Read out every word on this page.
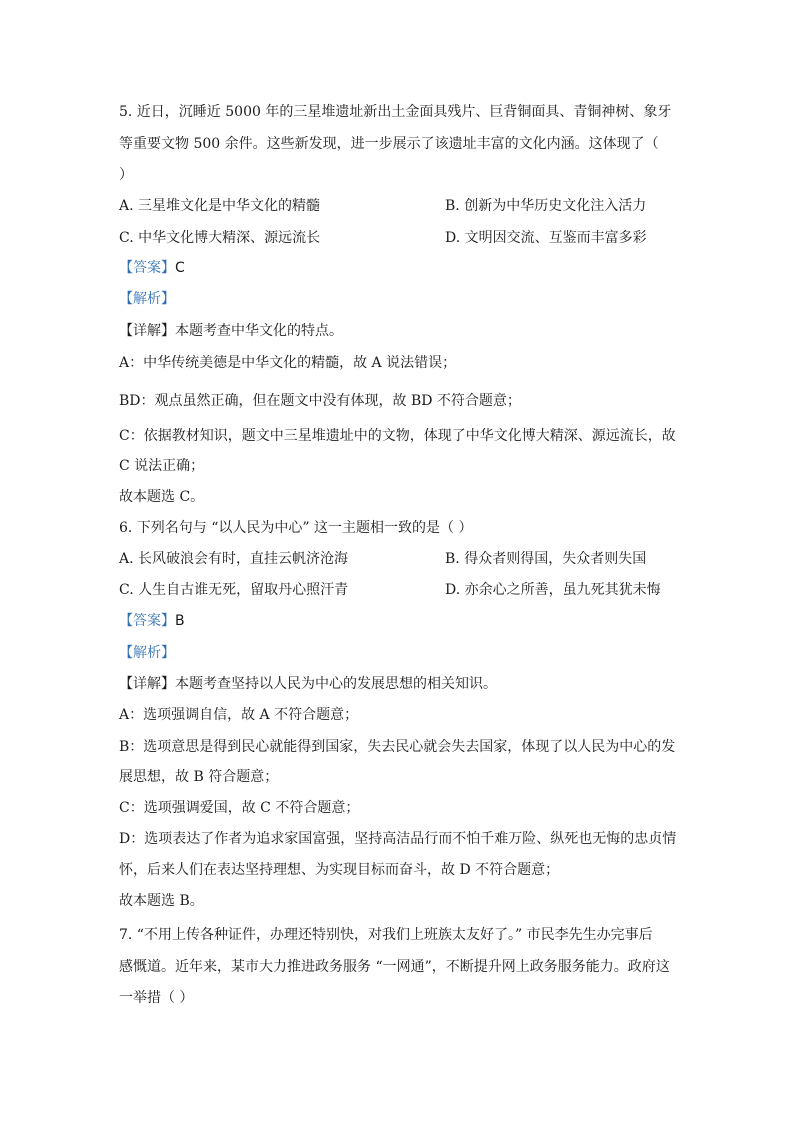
5. 近日，沉睡近 5000 年的三星堆遗址新出土金面具残片、巨背铜面具、青铜神树、象牙
等重要文物 500 余件。这些新发现，进一步展示了该遗址丰富的文化内涵。这体现了（
）
A. 三星堆文化是中华文化的精髓	B. 创新为中华历史文化注入活力
C. 中华文化博大精深、源远流长	D. 文明因交流、互鉴而丰富多彩
【答案】C
【解析】
【详解】本题考查中华文化的特点。
A：中华传统美德是中华文化的精髓，故 A 说法错误；
BD：观点虽然正确，但在题文中没有体现，故 BD 不符合题意；
C：依据教材知识，题文中三星堆遗址中的文物，体现了中华文化博大精深、源远流长，故
C 说法正确；
故本题选 C。
6. 下列名句与 “以人民为中心” 这一主题相一致的是（ ）
A. 长风破浪会有时，直挂云帆济沧海	B. 得众者则得国，失众者则失国
C. 人生自古谁无死，留取丹心照汗青	D. 亦余心之所善，虽九死其犹未悔
【答案】B
【解析】
【详解】本题考查坚持以人民为中心的发展思想的相关知识。
A：选项强调自信，故 A 不符合题意；
B：选项意思是得到民心就能得到国家，失去民心就会失去国家，体现了以人民为中心的发
展思想，故 B 符合题意；
C：选项强调爱国，故 C 不符合题意；
D：选项表达了作者为追求家国富强，坚持高洁品行而不怕千难万险、纵死也无悔的忠贞情
怀，后来人们在表达坚持理想、为实现目标而奋斗，故 D 不符合题意；
故本题选 B。
7. “不用上传各种证件，办理还特别快，对我们上班族太友好了。” 市民李先生办完事后
感慨道。近年来，某市大力推进政务服务 “一网通”，不断提升网上政务服务能力。政府这
一举措（ ）
